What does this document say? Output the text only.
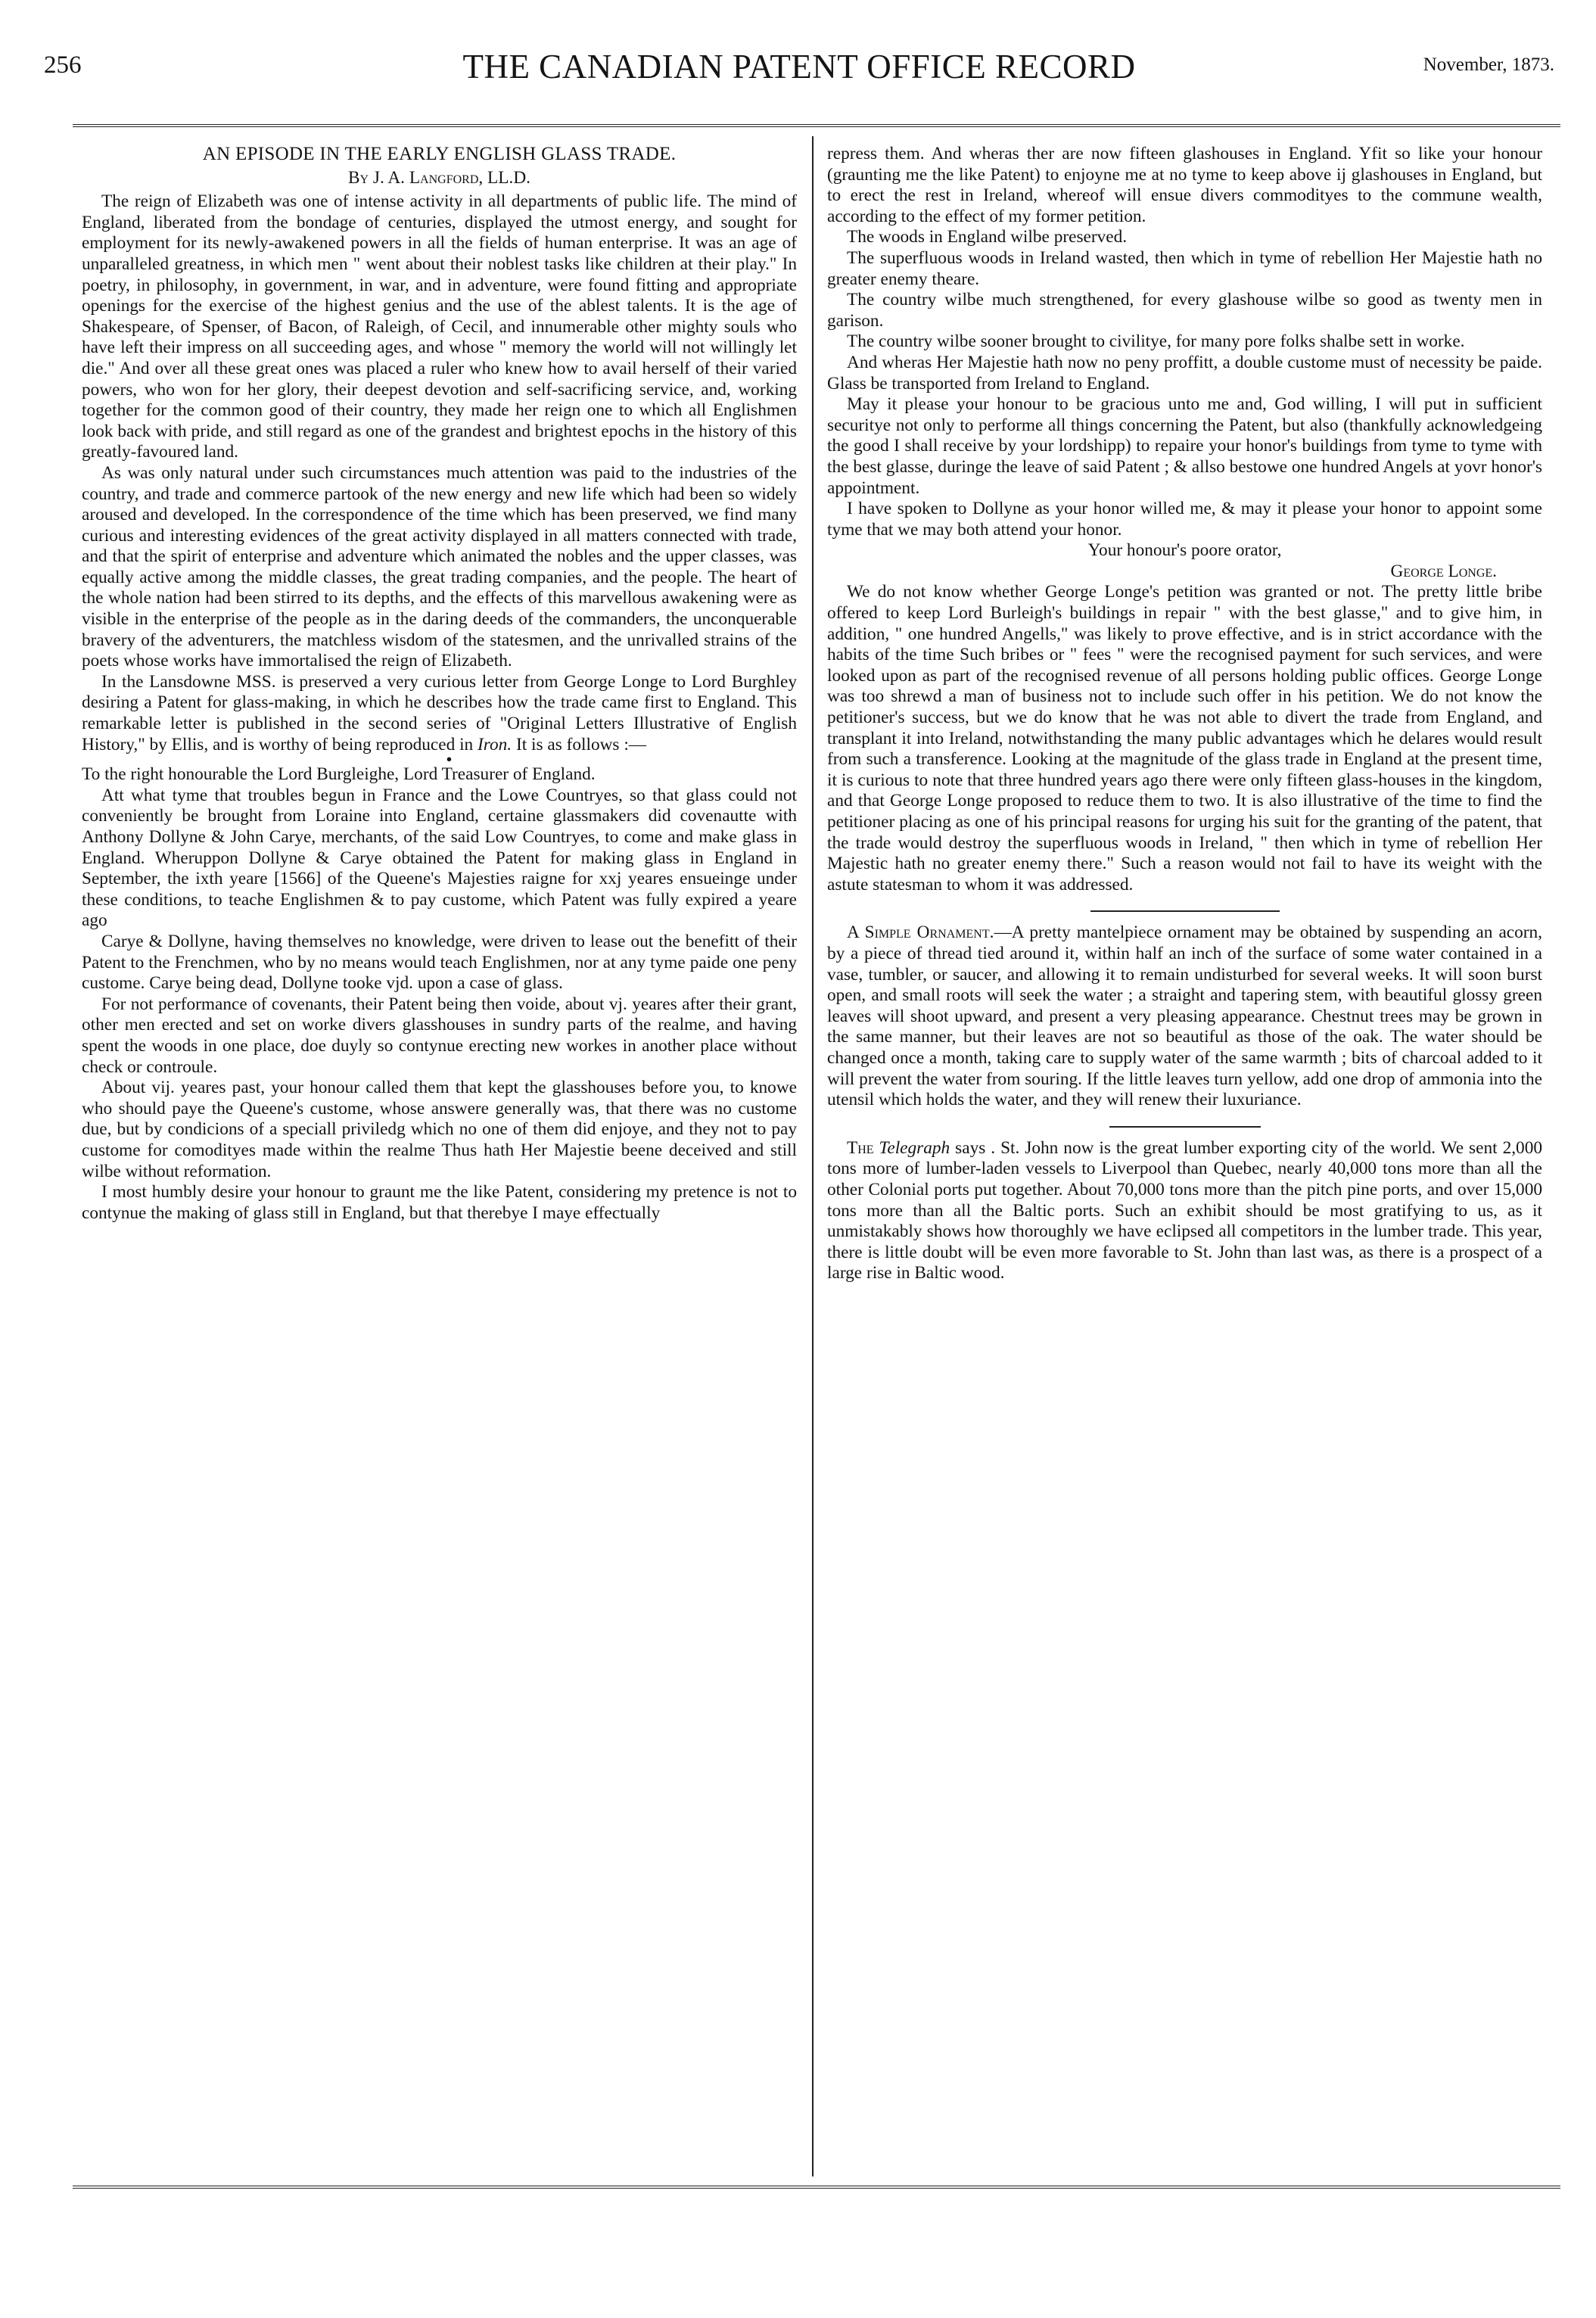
256	THE CANADIAN PATENT OFFICE RECORD	November, 1873.
AN EPISODE IN THE EARLY ENGLISH GLASS TRADE.
By J. A. Langford, LL.D.

The reign of Elizabeth was one of intense activity in all departments of public life. The mind of England, liberated from the bondage of centuries, displayed the utmost energy, and sought for employment for its newly-awakened powers in all the fields of human enterprise. It was an age of unparalleled greatness, in which men " went about their noblest tasks like children at their play." In poetry, in philosophy, in government, in war, and in adventure, were found fitting and appropriate openings for the exercise of the highest genius and the use of the ablest talents. It is the age of Shakespeare, of Spenser, of Bacon, of Raleigh, of Cecil, and innumerable other mighty souls who have left their impress on all succeeding ages, and whose " memory the world will not willingly let die." And over all these great ones was placed a ruler who knew how to avail herself of their varied powers, who won for her glory, their deepest devotion and self-sacrificing service, and, working together for the common good of their country, they made her reign one to which all Englishmen look back with pride, and still regard as one of the grandest and brightest epochs in the history of this greatly-favoured land.

As was only natural under such circumstances much attention was paid to the industries of the country, and trade and commerce partook of the new energy and new life which had been so widely aroused and developed. In the correspondence of the time which has been preserved, we find many curious and interesting evidences of the great activity displayed in all matters connected with trade, and that the spirit of enterprise and adventure which animated the nobles and the upper classes, was equally active among the middle classes, the great trading companies, and the people. The heart of the whole nation had been stirred to its depths, and the effects of this marvellous awakening were as visible in the enterprise of the people as in the daring deeds of the commanders, the unconquerable bravery of the adventurers, the matchless wisdom of the statesmen, and the unrivalled strains of the poets whose works have immortalised the reign of Elizabeth.

In the Lansdowne MSS. is preserved a very curious letter from George Longe to Lord Burghley desiring a Patent for glass-making, in which he describes how the trade came first to England. This remarkable letter is published in the second series of "Original Letters Illustrative of English History," by Ellis, and is worthy of being reproduced in Iron. It is as follows :—

•

To the right honourable the Lord Burgleighe, Lord Treasurer of England.

Att what tyme that troubles begun in France and the Lowe Countryes, so that glass could not conveniently be brought from Loraine into England, certaine glassmakers did covenautte with Anthony Dollyne & John Carye, merchants, of the said Low Countryes, to come and make glass in England. Wheruppon Dollyne & Carye obtained the Patent for making glass in England in September, the ixth yeare [1566] of the Queene's Majesties raigne for xxj yeares ensueinge under these conditions, to teache Englishmen & to pay custome, which Patent was fully expired a yeare ago

Carye & Dollyne, having themselves no knowledge, were driven to lease out the benefitt of their Patent to the Frenchmen, who by no means would teach Englishmen, nor at any tyme paide one peny custome. Carye being dead, Dollyne tooke vjd. upon a case of glass.

For not performance of covenants, their Patent being then voide, about vj. yeares after their grant, other men erected and set on worke divers glasshouses in sundry parts of the realme, and having spent the woods in one place, doe duyly so contynue erecting new workes in another place without check or controule.

About vij. yeares past, your honour called them that kept the glasshouses before you, to knowe who should paye the Queene's custome, whose answere generally was, that there was no custome due, but by condicions of a speciall priviledg which no one of them did enjoye, and they not to pay custome for comodityes made within the realme Thus hath Her Majestie beene deceived and still wilbe without reformation.

I most humbly desire your honour to graunt me the like Patent, considering my pretence is not to contynue the making of glass still in England, but that therebye I maye effectually

repress them. And wheras ther are now fifteen glashouses in England. Yfit so like your honour (graunting me the like Patent) to enjoyne me at no tyme to keep above ij glashouses in England, but to erect the rest in Ireland, whereof will ensue divers commodityes to the commune wealth, according to the effect of my former petition.

The woods in England wilbe preserved.

The superfluous woods in Ireland wasted, then which in tyme of rebellion Her Majestie hath no greater enemy theare.

The country wilbe much strengthened, for every glashouse wilbe so good as twenty men in garison.

The country wilbe sooner brought to civilitye, for many pore folks shalbe sett in worke.

And wheras Her Majestie hath now no peny proffitt, a double custome must of necessity be paide. Glass be transported from Ireland to England.

May it please your honour to be gracious unto me and, God willing, I will put in sufficient securitye not only to performe all things concerning the Patent, but also (thankfully acknowledgeing the good I shall receive by your lordshipp) to repaire your honor's buildings from tyme to tyme with the best glasse, duringe the leave of said Patent ; & allso bestowe one hundred Angels at yovr honor's appointment.

I have spoken to Dollyne as your honor willed me, & may it please your honor to appoint some tyme that we may both attend your honor.

Your honour's poore orator,

George Longe.

We do not know whether George Longe's petition was granted or not. The pretty little bribe offered to keep Lord Burleigh's buildings in repair " with the best glasse," and to give him, in addition, " one hundred Angells," was likely to prove effective, and is in strict accordance with the habits of the time Such bribes or " fees " were the recognised payment for such services, and were looked upon as part of the recognised revenue of all persons holding public offices. George Longe was too shrewd a man of business not to include such offer in his petition. We do not know the petitioner's success, but we do know that he was not able to divert the trade from England, and transplant it into Ireland, notwithstanding the many public advantages which he delares would result from such a transference. Looking at the magnitude of the glass trade in England at the present time, it is curious to note that three hundred years ago there were only fifteen glass-houses in the kingdom, and that George Longe proposed to reduce them to two. It is also illustrative of the time to find the petitioner placing as one of his principal reasons for urging his suit for the granting of the patent, that the trade would destroy the superfluous woods in Ireland, " then which in tyme of rebellion Her Majestic hath no greater enemy there." Such a reason would not fail to have its weight with the astute statesman to whom it was addressed.

A Simple Ornament.—A pretty mantelpiece ornament may be obtained by suspending an acorn, by a piece of thread tied around it, within half an inch of the surface of some water contained in a vase, tumbler, or saucer, and allowing it to remain undisturbed for several weeks. It will soon burst open, and small roots will seek the water ; a straight and tapering stem, with beautiful glossy green leaves will shoot upward, and present a very pleasing appearance. Chestnut trees may be grown in the same manner, but their leaves are not so beautiful as those of the oak. The water should be changed once a month, taking care to supply water of the same warmth ; bits of charcoal added to it will prevent the water from souring. If the little leaves turn yellow, add one drop of ammonia into the utensil which holds the water, and they will renew their luxuriance.

The Telegraph says . St. John now is the great lumber exporting city of the world. We sent 2,000 tons more of lumber-laden vessels to Liverpool than Quebec, nearly 40,000 tons more than all the other Colonial ports put together. About 70,000 tons more than the pitch pine ports, and over 15,000 tons more than all the Baltic ports. Such an exhibit should be most gratifying to us, as it unmistakably shows how thoroughly we have eclipsed all competitors in the lumber trade. This year, there is little doubt will be even more favorable to St. John than last was, as there is a prospect of a large rise in Baltic wood.
